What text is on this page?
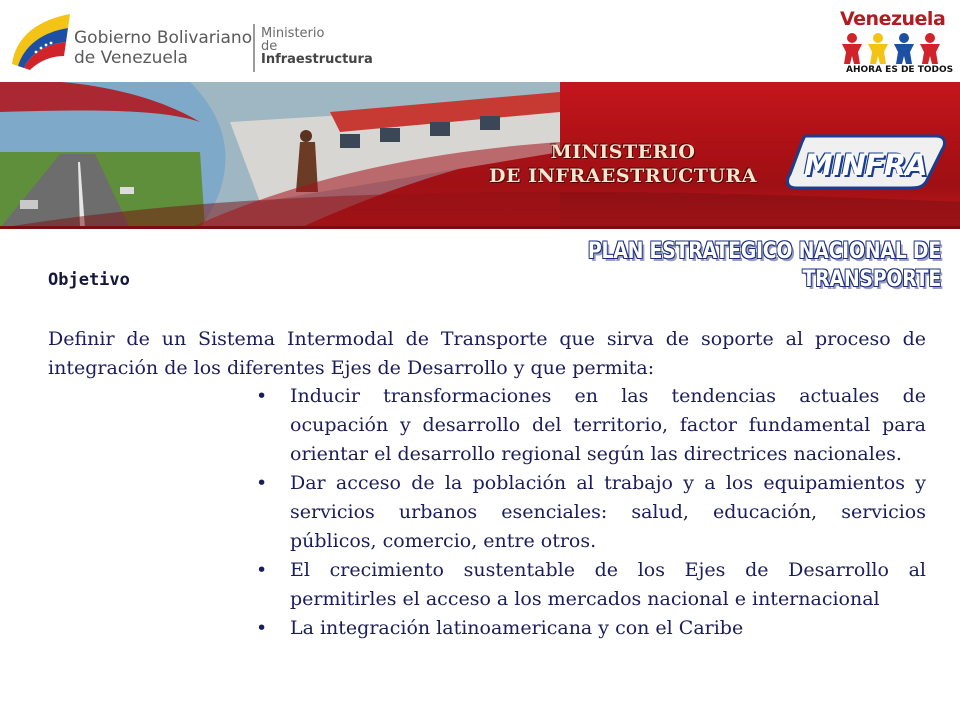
Gobierno Bolivariano
de Venezuela
Ministerio
de
Infraestructura
Venezuela
AHORA ES DE TODOS
MINISTERIO
DE INFRAESTRUCTURA	MINFRA
PLAN ESTRATEGICO NACIONAL DE TRANSPORTE
Objetivo
Definir de un Sistema Intermodal de Transporte que sirva de soporte al proceso de integración de los diferentes Ejes de Desarrollo y que permita:
• Inducir transformaciones en las tendencias actuales de ocupación y desarrollo del territorio, factor fundamental para orientar el desarrollo regional según las directrices nacionales.
• Dar acceso de la población al trabajo y a los equipamientos y servicios urbanos esenciales: salud, educación, servicios públicos, comercio, entre otros.
• El crecimiento sustentable de los Ejes de Desarrollo al permitirles el acceso a los mercados nacional e internacional
• La integración latinoamericana y con el Caribe
